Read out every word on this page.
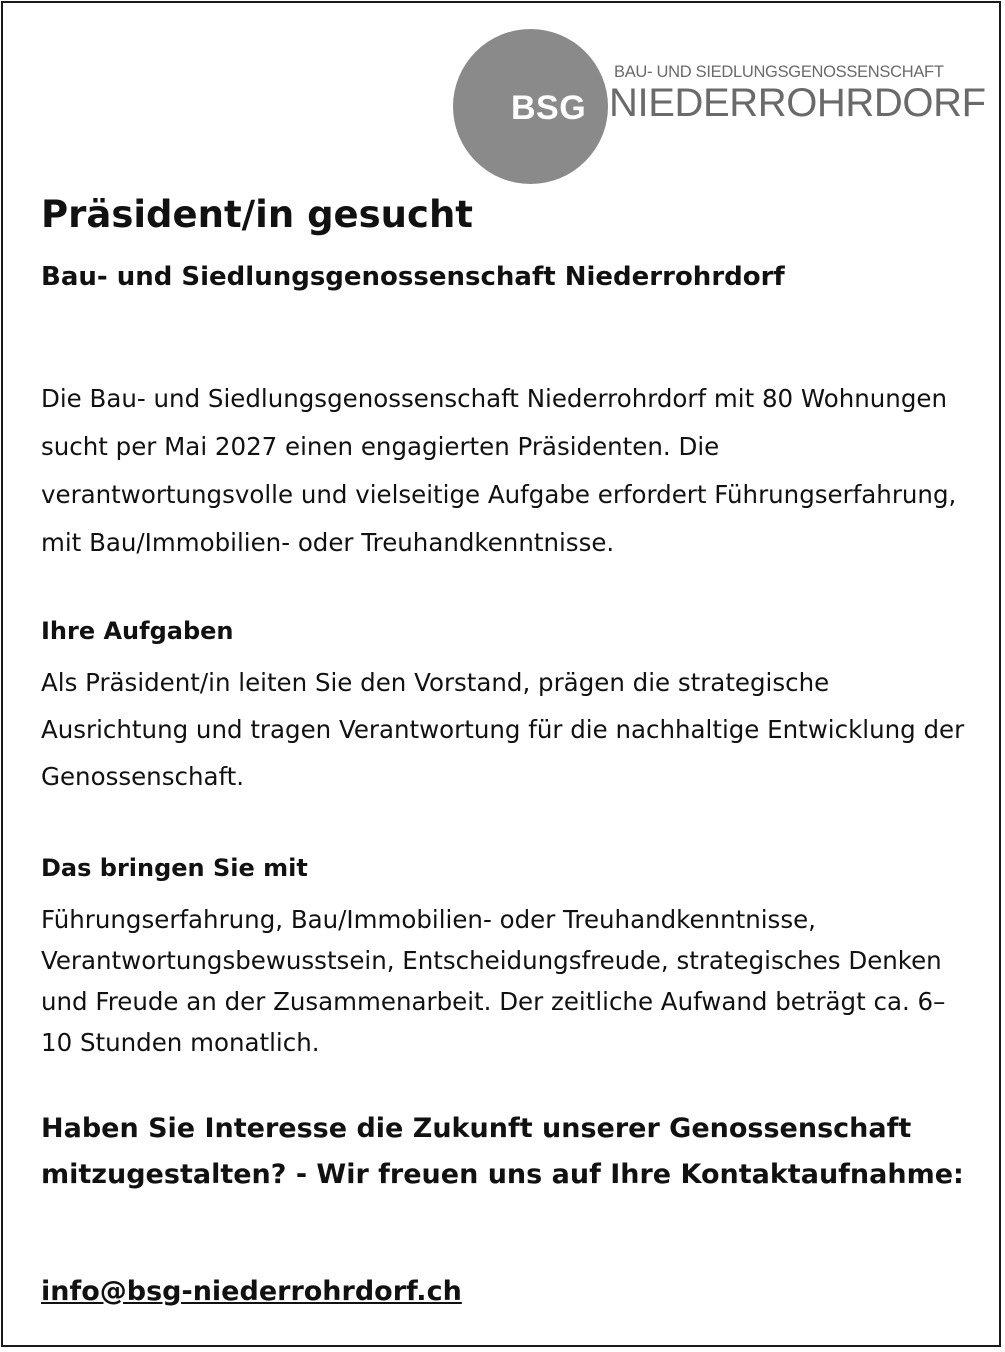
BSG
BAU- UND SIEDLUNGSGENOSSENSCHAFT
NIEDERROHRDORF
Präsident/in gesucht
Bau- und Siedlungsgenossenschaft Niederrohrdorf

Die Bau- und Siedlungsgenossenschaft Niederrohrdorf mit 80 Wohnungen sucht per Mai 2027 einen engagierten Präsidenten. Die verantwortungsvolle und vielseitige Aufgabe erfordert Führungserfahrung, mit Bau/Immobilien- oder Treuhandkenntnisse.

Ihre Aufgaben

Als Präsident/in leiten Sie den Vorstand, prägen die strategische Ausrichtung und tragen Verantwortung für die nachhaltige Entwicklung der Genossenschaft.

Das bringen Sie mit

Führungserfahrung, Bau/Immobilien- oder Treuhandkenntnisse, Verantwortungsbewusstsein, Entscheidungsfreude, strategisches Denken und Freude an der Zusammenarbeit. Der zeitliche Aufwand beträgt ca. 6–10 Stunden monatlich.

Haben Sie Interesse die Zukunft unserer Genossenschaft mitzugestalten? - Wir freuen uns auf Ihre Kontaktaufnahme:

info@bsg-niederrohrdorf.ch
